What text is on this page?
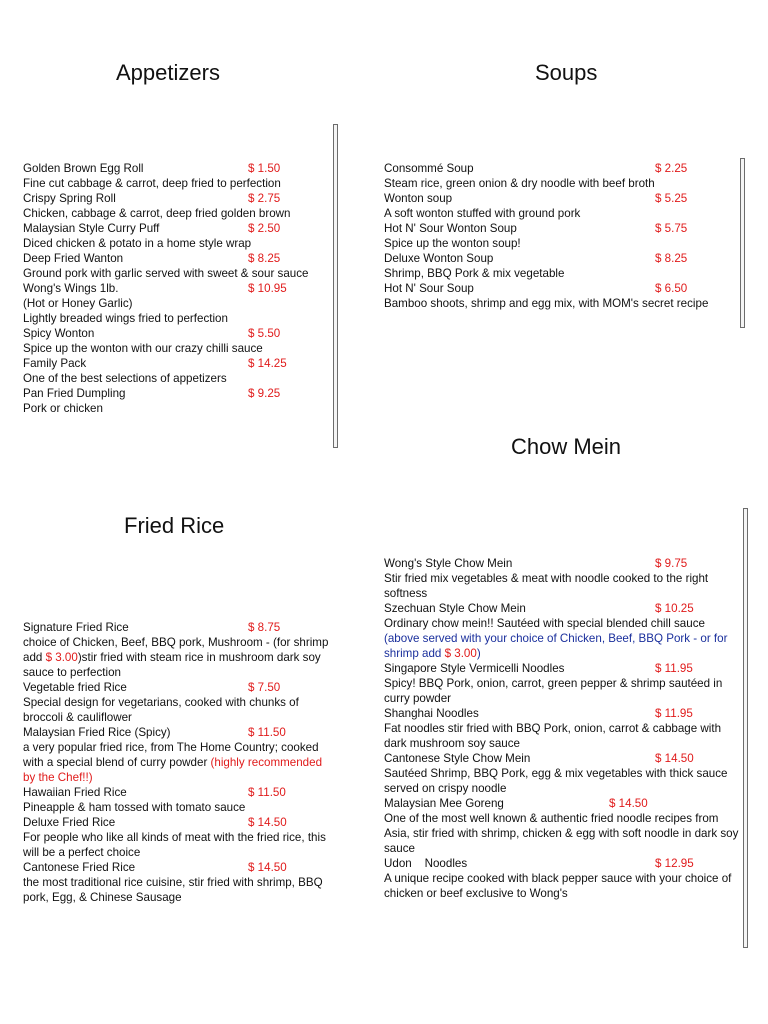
Appetizers	Soups
Chow Mein
Fried Rice
Golden Brown Egg Roll	$ 1.50
Fine cut cabbage & carrot, deep fried to perfection
Crispy Spring Roll	$ 2.75
Chicken, cabbage & carrot, deep fried golden brown
Malaysian Style Curry Puff	$ 2.50
Diced chicken & potato in a home style wrap
Deep Fried Wanton	$ 8.25
Ground pork with garlic served with sweet & sour sauce
Wong's Wings 1lb.	$ 10.95
(Hot or Honey Garlic)
Lightly breaded wings fried to perfection
Spicy Wonton	$ 5.50
Spice up the wonton with our crazy chilli sauce
Family Pack	$ 14.25
One of the best selections of appetizers
Pan Fried Dumpling	$ 9.25
Pork or chicken
Consommé Soup	$ 2.25
Steam rice, green onion & dry noodle with beef broth
Wonton soup	$ 5.25
A soft wonton stuffed with ground pork
Hot N' Sour Wonton Soup	$ 5.75
Spice up the wonton soup!
Deluxe Wonton Soup	$ 8.25
Shrimp, BBQ Pork & mix vegetable
Hot N' Sour Soup	$ 6.50
Bamboo shoots, shrimp and egg mix, with MOM's secret recipe
Signature Fried Rice	$ 8.75
choice of Chicken, Beef, BBQ pork, Mushroom - (for shrimp add $ 3.00)stir fried with steam rice in mushroom dark soy sauce to perfection
Vegetable fried Rice	$ 7.50
Special design for vegetarians, cooked with chunks of broccoli & cauliflower
Malaysian Fried Rice (Spicy)	$ 11.50
a very popular fried rice, from The Home Country; cooked with a special blend of curry powder (highly recommended by the Chef!!)
Hawaiian Fried Rice	$ 11.50
Pineapple & ham tossed with tomato sauce
Deluxe Fried Rice	$ 14.50
For people who like all kinds of meat with the fried rice, this will be a perfect choice
Cantonese Fried Rice	$ 14.50
the most traditional rice cuisine, stir fried with shrimp, BBQ pork, Egg, & Chinese Sausage
Wong's Style Chow Mein	$ 9.75
Stir fried mix vegetables & meat with noodle cooked to the right softness
Szechuan Style Chow Mein	$ 10.25
Ordinary chow mein!! Sautéed with special blended chill sauce
(above served with your choice of Chicken, Beef, BBQ Pork - or for shrimp add $ 3.00)
Singapore Style Vermicelli Noodles	$ 11.95
Spicy! BBQ Pork, onion, carrot, green pepper & shrimp sautéed in curry powder
Shanghai Noodles	$ 11.95
Fat noodles stir fried with BBQ Pork, onion, carrot & cabbage with dark mushroom soy sauce
Cantonese Style Chow Mein	$ 14.50
Sautéed Shrimp, BBQ Pork, egg & mix vegetables with thick sauce served on crispy noodle
Malaysian Mee Goreng	$ 14.50
One of the most well known & authentic fried noodle recipes from Asia, stir fried with shrimp, chicken & egg with soft noodle in dark soy sauce
Udon    Noodles	$ 12.95
A unique recipe cooked with black pepper sauce with your choice of chicken or beef exclusive to Wong's
